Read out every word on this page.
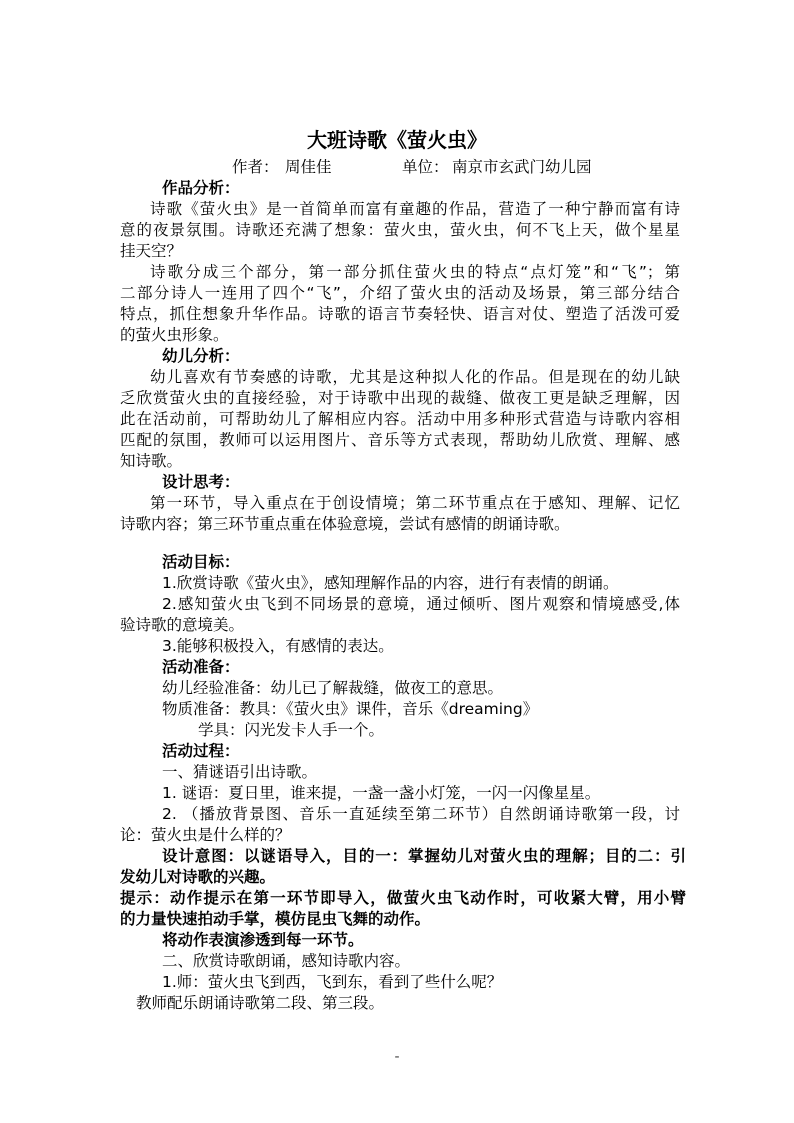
大班诗歌《萤火虫》
作者： 周佳佳	单位： 南京市玄武门幼儿园
作品分析：
诗歌《萤火虫》是一首简单而富有童趣的作品，营造了一种宁静而富有诗
意的夜景氛围。诗歌还充满了想象：萤火虫，萤火虫，何不飞上天，做个星星
挂天空？
诗歌分成三个部分，第一部分抓住萤火虫的特点“点灯笼”和“飞”；第
二部分诗人一连用了四个“飞”，介绍了萤火虫的活动及场景，第三部分结合
特点，抓住想象升华作品。诗歌的语言节奏轻快、语言对仗、塑造了活泼可爱
的萤火虫形象。
幼儿分析：
幼儿喜欢有节奏感的诗歌，尤其是这种拟人化的作品。但是现在的幼儿缺
乏欣赏萤火虫的直接经验，对于诗歌中出现的裁缝、做夜工更是缺乏理解，因
此在活动前，可帮助幼儿了解相应内容。活动中用多种形式营造与诗歌内容相
匹配的氛围，教师可以运用图片、音乐等方式表现，帮助幼儿欣赏、理解、感
知诗歌。
设计思考：
第一环节，导入重点在于创设情境；第二环节重点在于感知、理解、记忆
诗歌内容；第三环节重点重在体验意境，尝试有感情的朗诵诗歌。
活动目标：
1.欣赏诗歌《萤火虫》，感知理解作品的内容，进行有表情的朗诵。
2.感知萤火虫飞到不同场景的意境，通过倾听、图片观察和情境感受,体
验诗歌的意境美。
3.能够积极投入，有感情的表达。
活动准备：
幼儿经验准备：幼儿已了解裁缝，做夜工的意思。
物质准备：教具：《萤火虫》课件，音乐《dreaming》
学具：闪光发卡人手一个。
活动过程：
一、猜谜语引出诗歌。
1. 谜语：夏日里，谁来提，一盏一盏小灯笼，一闪一闪像星星。
2. （播放背景图、音乐一直延续至第二环节）自然朗诵诗歌第一段，讨
论：萤火虫是什么样的？
设计意图：以谜语导入，目的一：掌握幼儿对萤火虫的理解；目的二：引
发幼儿对诗歌的兴趣。
提示：动作提示在第一环节即导入，做萤火虫飞动作时，可收紧大臂，用小臂
的力量快速拍动手掌，模仿昆虫飞舞的动作。
将动作表演渗透到每一环节。
二、欣赏诗歌朗诵，感知诗歌内容。
1.师：萤火虫飞到西，飞到东，看到了些什么呢？
教师配乐朗诵诗歌第二段、第三段。
-
